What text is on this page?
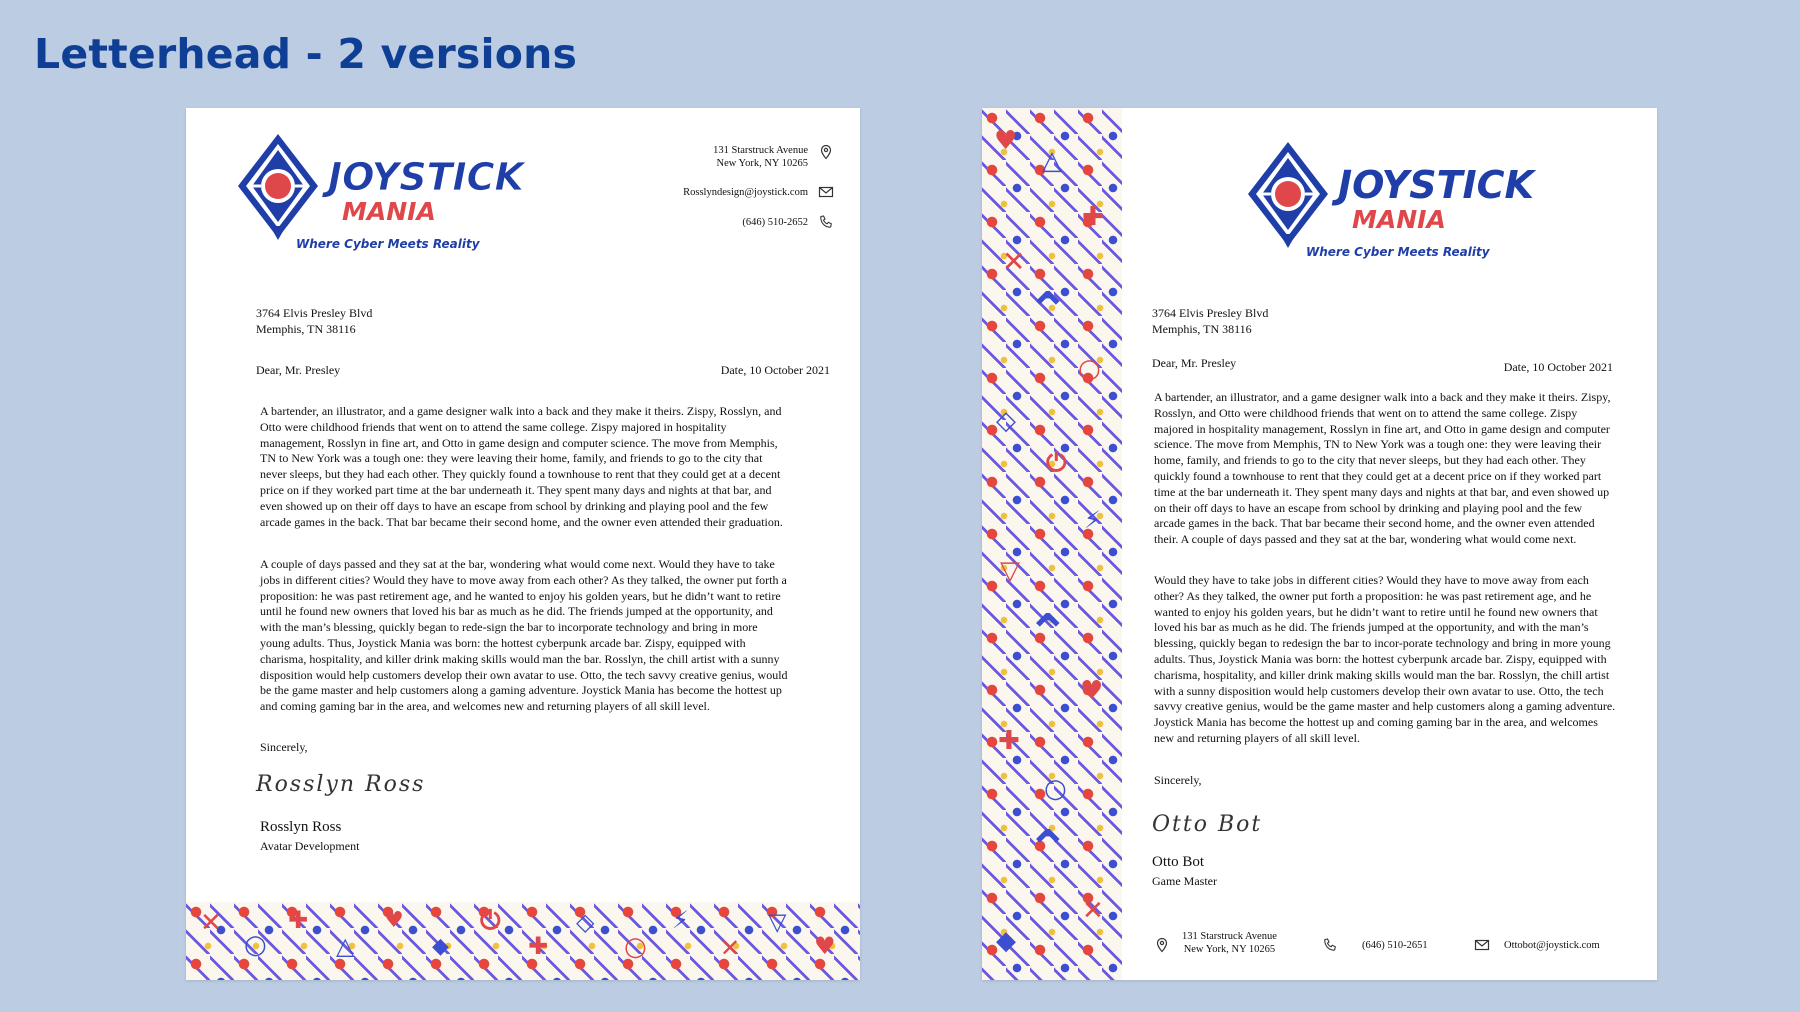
Letterhead - 2 versions
JOYSTICK
MANIA
Where Cyber Meets Reality
131 Starstruck Avenue
New York, NY 10265
Rosslyndesign@joystick.com
(646) 510-2652
3764 Elvis Presley Blvd
Memphis, TN 38116
Dear, Mr. Presley	Date, 10 October 2021

A bartender, an illustrator, and a game designer walk into a back and they make it theirs. Zispy, Rosslyn, and Otto were childhood friends that went on to attend the same college. Zispy majored in hospitality management, Rosslyn in fine art, and Otto in game design and computer science. The move from Memphis, TN to New York was a tough one: they were leaving their home, family, and friends to go to the city that never sleeps, but they had each other. They quickly found a townhouse to rent that they could get at a decent price on if they worked part time at the bar underneath it. They spent many days and nights at that bar, and even showed up on their off days to have an escape from school by drinking and playing pool and the few arcade games in the back. That bar became their second home, and the owner even attended their graduation.

A couple of days passed and they sat at the bar, wondering what would come next. Would they have to take jobs in different cities? Would they have to move away from each other? As they talked, the owner put forth a proposition: he was past retirement age, and he wanted to enjoy his golden years, but he didn’t want to retire until he found new owners that loved his bar as much as he did. The friends jumped at the opportunity, and with the man’s blessing, quickly began to rede-sign the bar to incorporate technology and bring in more young adults. Thus, Joystick Mania was born: the hottest cyberpunk arcade bar. Zispy, equipped with charisma, hospitality, and killer drink making skills would man the bar. Rosslyn, the chill artist with a sunny disposition would help customers develop their own avatar to use. Otto, the tech savvy creative genius, would be the game master and help customers along a gaming adventure. Joystick Mania has become the hottest up and coming gaming bar in the area, and welcomes new and returning players of all skill level.

Sincerely,
Rosslyn Ross
Rosslyn Ross
Avatar Development
✕
○
✚
△
♥
◆
⏻
✚
◇
○
⚡
✕
▽
♥
♥
△
✚
✕
⌃
○
◇
⏻
⚡
▽
⌃
♥
✚
○
⌃
✕
◆
JOYSTICK
MANIA
Where Cyber Meets Reality
3764 Elvis Presley Blvd
Memphis, TN 38116
Dear, Mr. Presley	Date, 10 October 2021

A bartender, an illustrator, and a game designer walk into a back and they make it theirs. Zispy, Rosslyn, and Otto were childhood friends that went on to attend the same college. Zispy majored in hospitality management, Rosslyn in fine art, and Otto in game design and computer science. The move from Memphis, TN to New York was a tough one: they were leaving their home, family, and friends to go to the city that never sleeps, but they had each other. They quickly found a townhouse to rent that they could get at a decent price on if they worked part time at the bar underneath it. They spent many days and nights at that bar, and even showed up on their off days to have an escape from school by drinking and playing pool and the few arcade games in the back. That bar became their second home, and the owner even attended their. A couple of days passed and they sat at the bar, wondering what would come next.

Would they have to take jobs in different cities? Would they have to move away from each other? As they talked, the owner put forth a proposition: he was past retirement age, and he wanted to enjoy his golden years, but he didn’t want to retire until he found new owners that loved his bar as much as he did. The friends jumped at the opportunity, and with the man’s blessing, quickly began to redesign the bar to incor-porate technology and bring in more young adults. Thus, Joystick Mania was born: the hottest cyberpunk arcade bar. Zispy, equipped with charisma, hospitality, and killer drink making skills would man the bar. Rosslyn, the chill artist with a sunny disposition would help customers develop their own avatar to use. Otto, the tech savvy creative genius, would be the game master and help customers along a gaming adventure. Joystick Mania has become the hottest up and coming gaming bar in the area, and welcomes new and returning players of all skill level.

Sincerely,
Otto Bot
Otto Bot
Game Master
131 Starstruck Avenue
New York, NY 10265	(646) 510-2651	Ottobot@joystick.com
